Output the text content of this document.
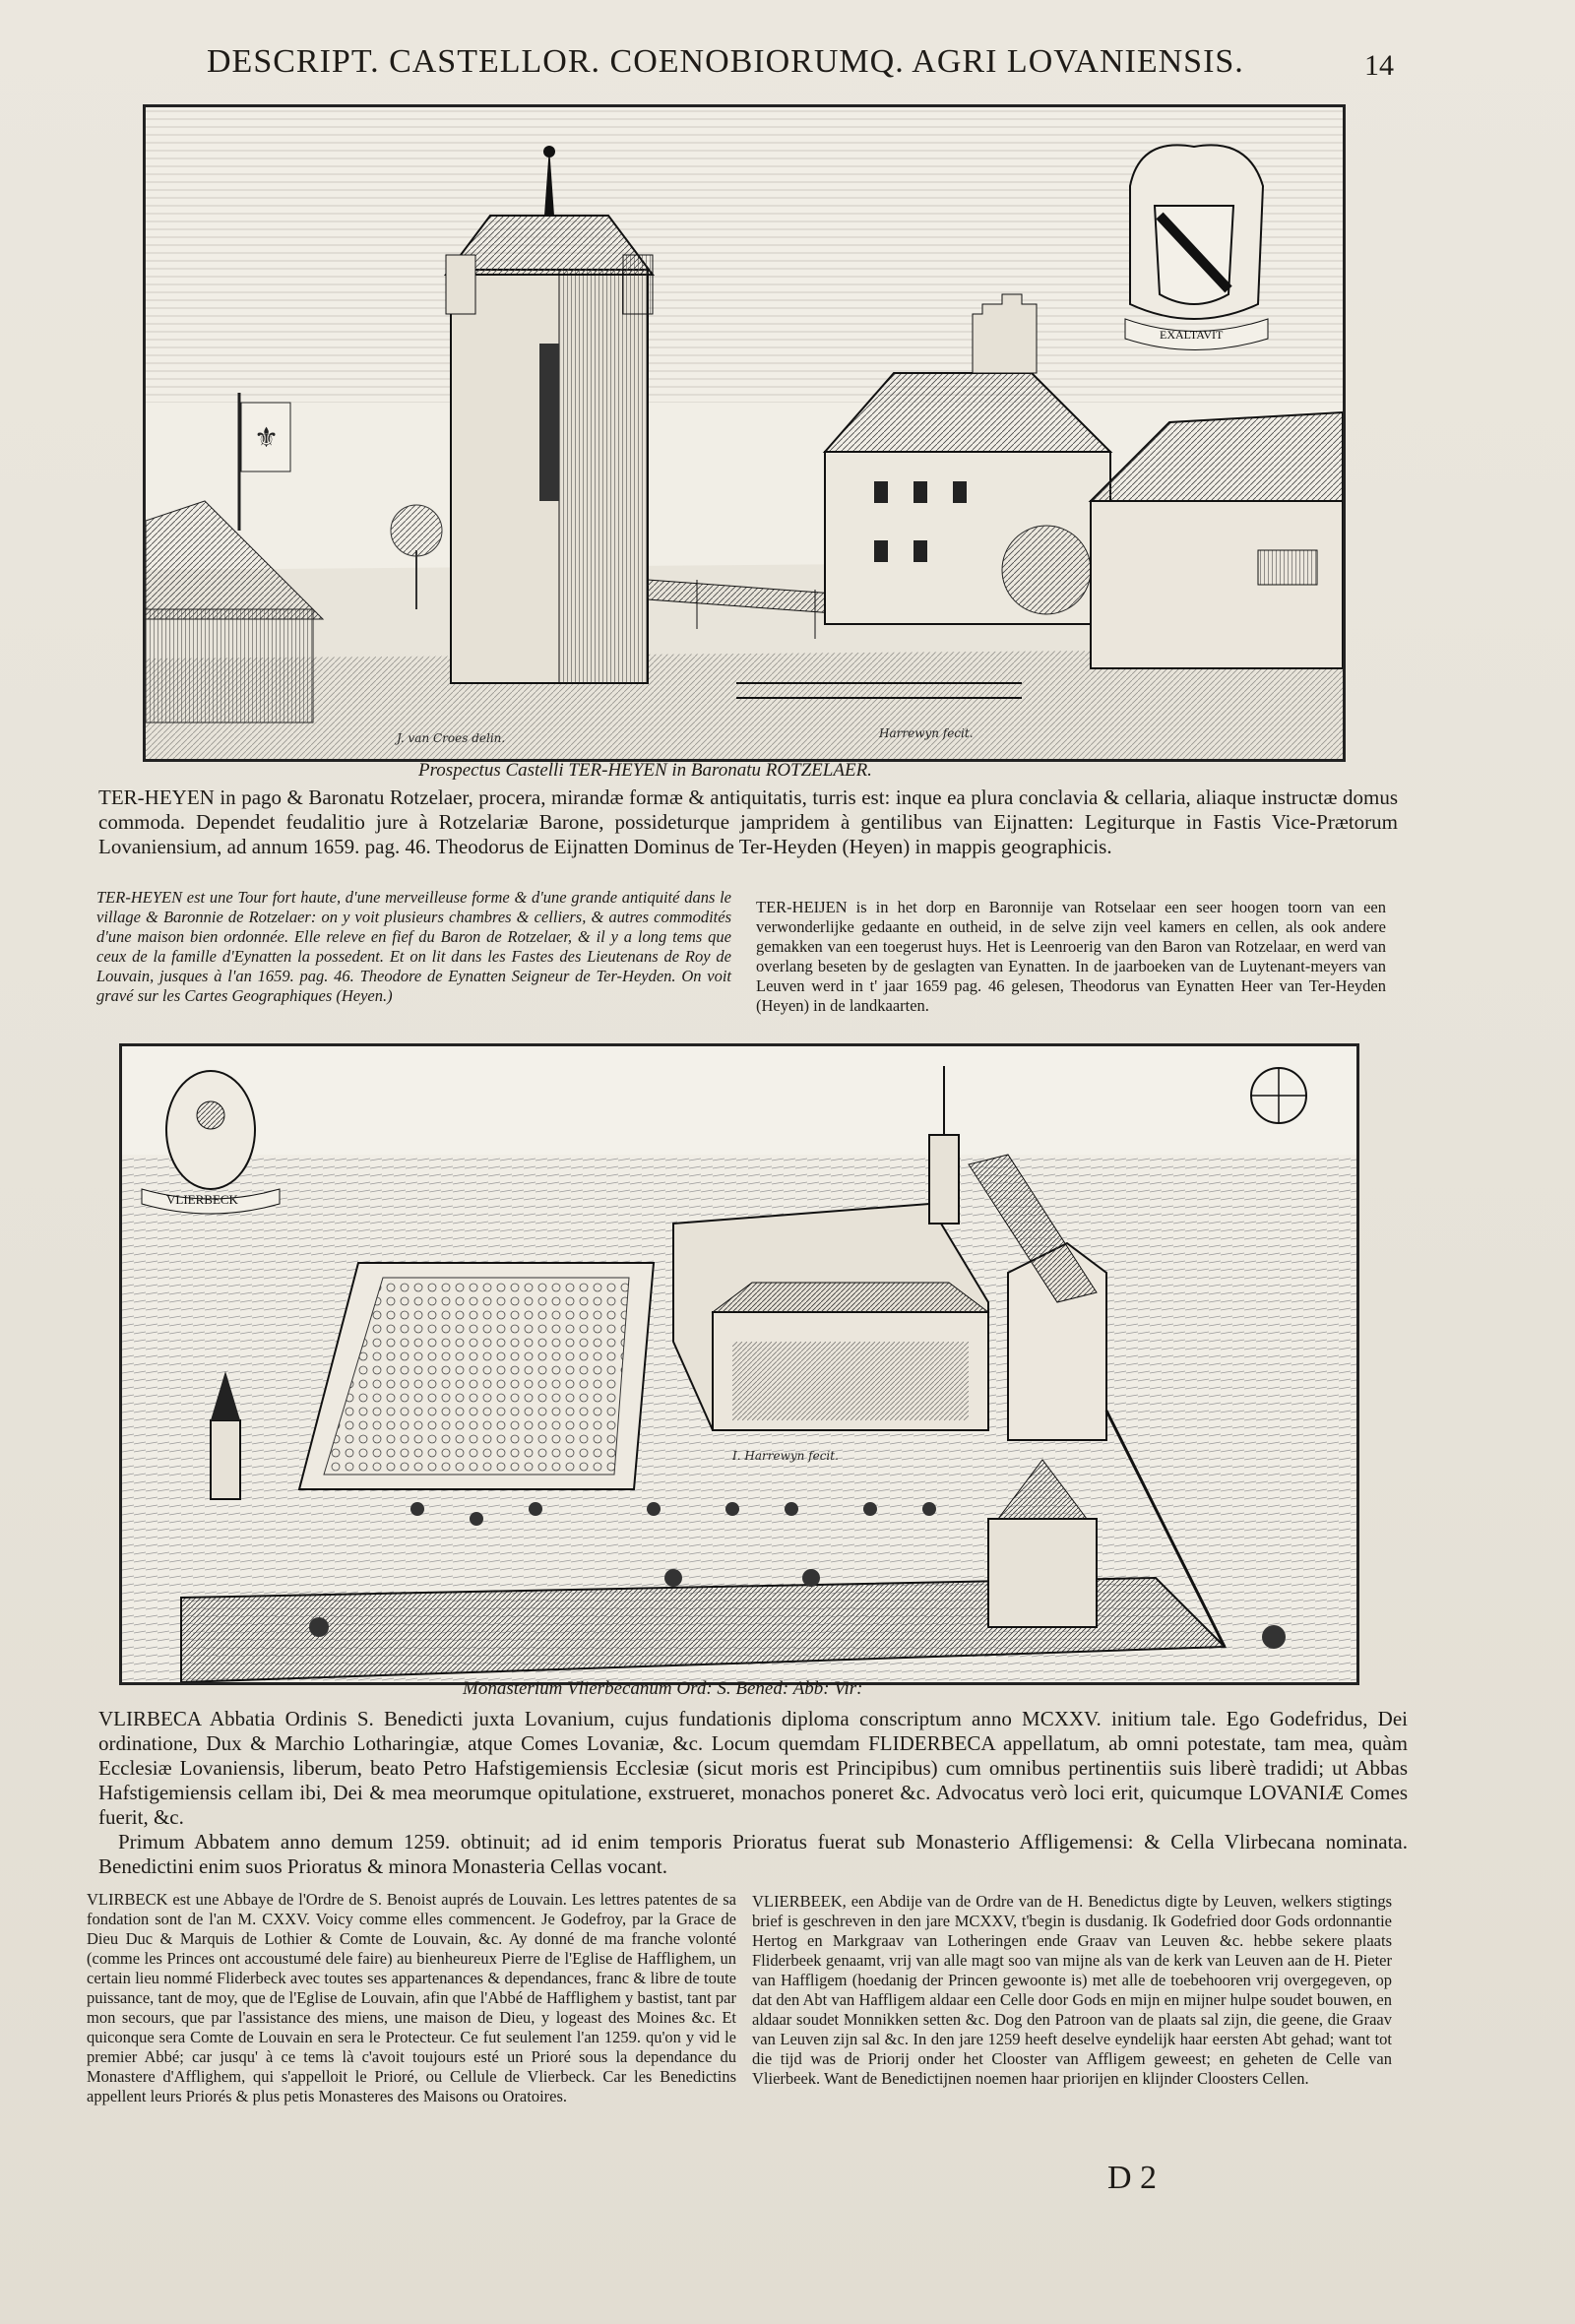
DESCRIPT. CASTELLOR. COENOBIORUMQ. AGRI LOVANIENSIS.	14
⚜
EXALTAVIT
J. van Croes delin.	Harrewyn fecit.
Prospectus Castelli TER-HEYEN in Baronatu ROTZELAER.
TER-HEYEN in pago & Baronatu Rotzelaer, procera, mirandæ formæ & antiquitatis, turris est: inque ea plura conclavia & cellaria, aliaque instructæ domus commoda. Dependet feudalitio jure à Rotzelariæ Barone, possideturque jampridem à gentilibus van Eijnatten: Legiturque in Fastis Vice-Prætorum Lovaniensium, ad annum 1659. pag. 46. Theodorus de Eijnatten Dominus de Ter-Heyden (Heyen) in mappis geographicis.
TER-HEYEN est une Tour fort haute, d'une merveilleuse forme & d'une grande antiquité dans le village & Baronnie de Rotzelaer: on y voit plusieurs chambres & celliers, & autres commodités d'une maison bien ordonnée. Elle releve en fief du Baron de Rotzelaer, & il y a long tems que ceux de la famille d'Eynatten la possedent. Et on lit dans les Fastes des Lieutenans de Roy de Louvain, jusques à l'an 1659. pag. 46. Theodore de Eynatten Seigneur de Ter-Heyden. On voit gravé sur les Cartes Geographiques (Heyen.)
TER-HEIJEN is in het dorp en Baronnije van Rotselaar een seer hoogen toorn van een verwonderlijke gedaante en outheid, in de selve zijn veel kamers en cellen, als ook andere gemakken van een toegerust huys. Het is Leenroerig van den Baron van Rotzelaar, en werd van overlang beseten by de geslagten van Eynatten. In de jaarboeken van de Luytenant-meyers van Leuven werd in t' jaar 1659 pag. 46 gelesen, Theodorus van Eynatten Heer van Ter-Heyden (Heyen) in de landkaarten.
VLIERBECK
I. Harrewyn fecit.
Monasterium Vlierbecanum Ord: S. Bened: Abb: Vir:
VLIRBECA Abbatia Ordinis S. Benedicti juxta Lovanium, cujus fundationis diploma conscriptum anno MCXXV. initium tale. Ego Godefridus, Dei ordinatione, Dux & Marchio Lotharingiæ, atque Comes Lovaniæ, &c. Locum quemdam FLIDERBECA appellatum, ab omni potestate, tam mea, quàm Ecclesiæ Lovaniensis, liberum, beato Petro Hafstigemiensis Ecclesiæ (sicut moris est Principibus) cum omnibus pertinentiis suis liberè tradidi; ut Abbas Hafstigemiensis cellam ibi, Dei & mea meorumque opitulatione, exstrueret, monachos poneret &c. Advocatus verò loci erit, quicumque LOVANIÆ Comes fuerit, &c.
Primum Abbatem anno demum 1259. obtinuit; ad id enim temporis Prioratus fuerat sub Monasterio Affligemensi: & Cella Vlirbecana nominata. Benedictini enim suos Prioratus & minora Monasteria Cellas vocant.
VLIRBECK est une Abbaye de l'Ordre de S. Benoist auprés de Louvain. Les lettres patentes de sa fondation sont de l'an M. CXXV. Voicy comme elles commencent. Je Godefroy, par la Grace de Dieu Duc & Marquis de Lothier & Comte de Louvain, &c. Ay donné de ma franche volonté (comme les Princes ont accoustumé dele faire) au bienheureux Pierre de l'Eglise de Hafflighem, un certain lieu nommé Fliderbeck avec toutes ses appartenances & dependances, franc & libre de toute puissance, tant de moy, que de l'Eglise de Louvain, afin que l'Abbé de Hafflighem y bastist, tant par mon secours, que par l'assistance des miens, une maison de Dieu, y logeast des Moines &c. Et quiconque sera Comte de Louvain en sera le Protecteur. Ce fut seulement l'an 1259. qu'on y vid le premier Abbé; car jusqu' à ce tems là c'avoit toujours esté un Prioré sous la dependance du Monastere d'Afflighem, qui s'appelloit le Prioré, ou Cellule de Vlierbeck. Car les Benedictins appellent leurs Priorés & plus petis Monasteres des Maisons ou Oratoires.
VLIERBEEK, een Abdije van de Ordre van de H. Benedictus digte by Leuven, welkers stigtings brief is geschreven in den jare MCXXV, t'begin is dusdanig. Ik Godefried door Gods ordonnantie Hertog en Markgraav van Lotheringen ende Graav van Leuven &c. hebbe sekere plaats Fliderbeek genaamt, vrij van alle magt soo van mijne als van de kerk van Leuven aan de H. Pieter van Haffligem (hoedanig der Princen gewoonte is) met alle de toebehooren vrij overgegeven, op dat den Abt van Haffligem aldaar een Celle door Gods en mijn en mijner hulpe soudet bouwen, en aldaar soudet Monnikken setten &c. Dog den Patroon van de plaats sal zijn, die geene, die Graav van Leuven zijn sal &c. In den jare 1259 heeft deselve eyndelijk haar eersten Abt gehad; want tot die tijd was de Priorij onder het Clooster van Affligem geweest; en geheten de Celle van Vlierbeek. Want de Benedictijnen noemen haar priorijen en klijnder Cloosters Cellen.
D 2
